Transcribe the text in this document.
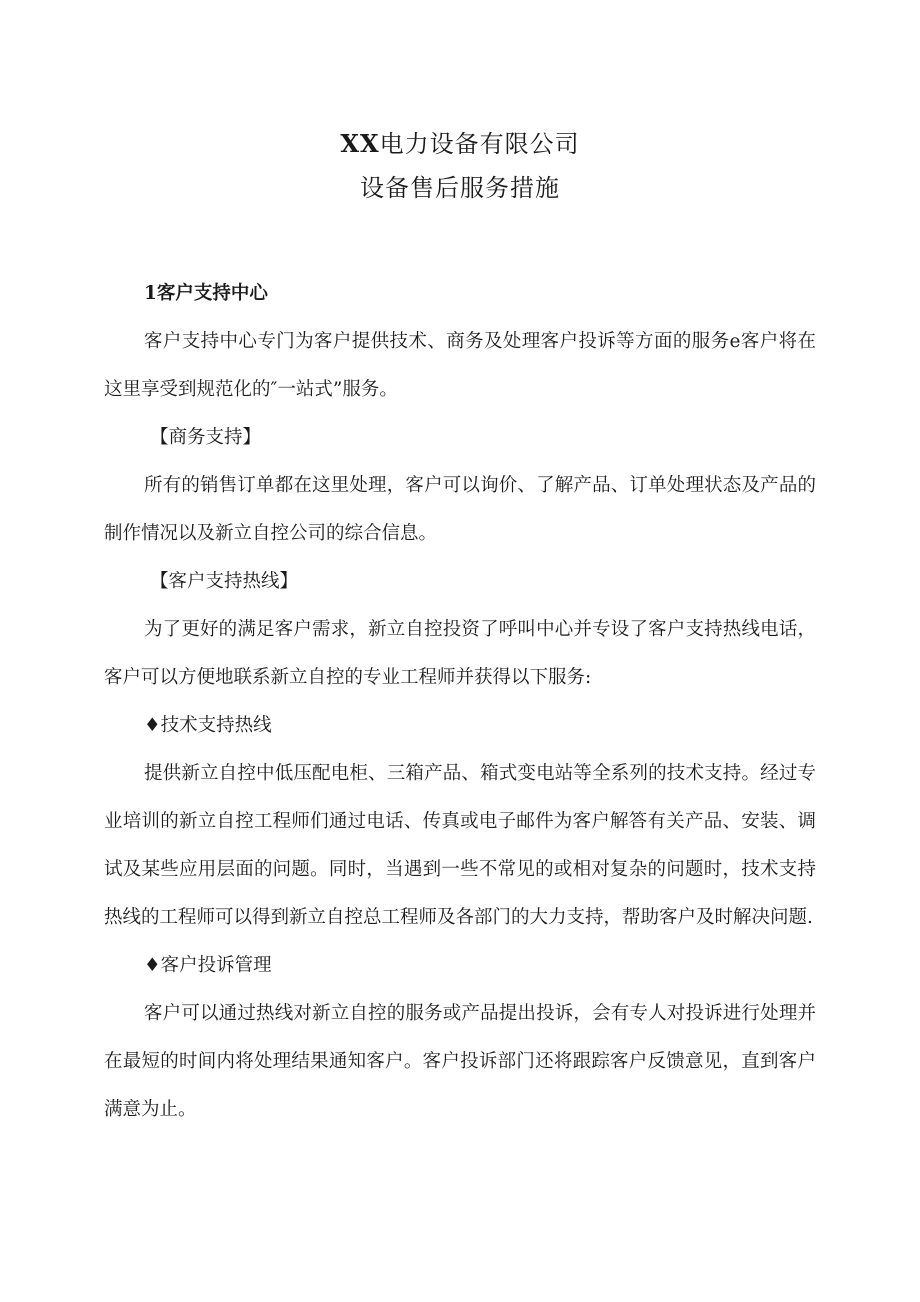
XX电力设备有限公司
设备售后服务措施

1客户支持中心

客户支持中心专门为客户提供技术、商务及处理客户投诉等方面的服务e客户将在这里享受到规范化的″一站式”服务。

【商务支持】

所有的销售订单都在这里处理，客户可以询价、了解产品、订单处理状态及产品的制作情况以及新立自控公司的综合信息。

【客户支持热线】

为了更好的满足客户需求，新立自控投资了呼叫中心并专设了客户支持热线电话，客户可以方便地联系新立自控的专业工程师并获得以下服务:

♦技术支持热线

提供新立自控中低压配电柜、三箱产品、箱式变电站等全系列的技术支持。经过专业培训的新立自控工程师们通过电话、传真或电子邮件为客户解答有关产品、安装、调试及某些应用层面的问题。同时，当遇到一些不常见的或相对复杂的问题时，技术支持热线的工程师可以得到新立自控总工程师及各部门的大力支持，帮助客户及时解决问题.

♦客户投诉管理

客户可以通过热线对新立自控的服务或产品提出投诉，会有专人对投诉进行处理并在最短的时间内将处理结果通知客户。客户投诉部门还将跟踪客户反馈意见，直到客户满意为止。
